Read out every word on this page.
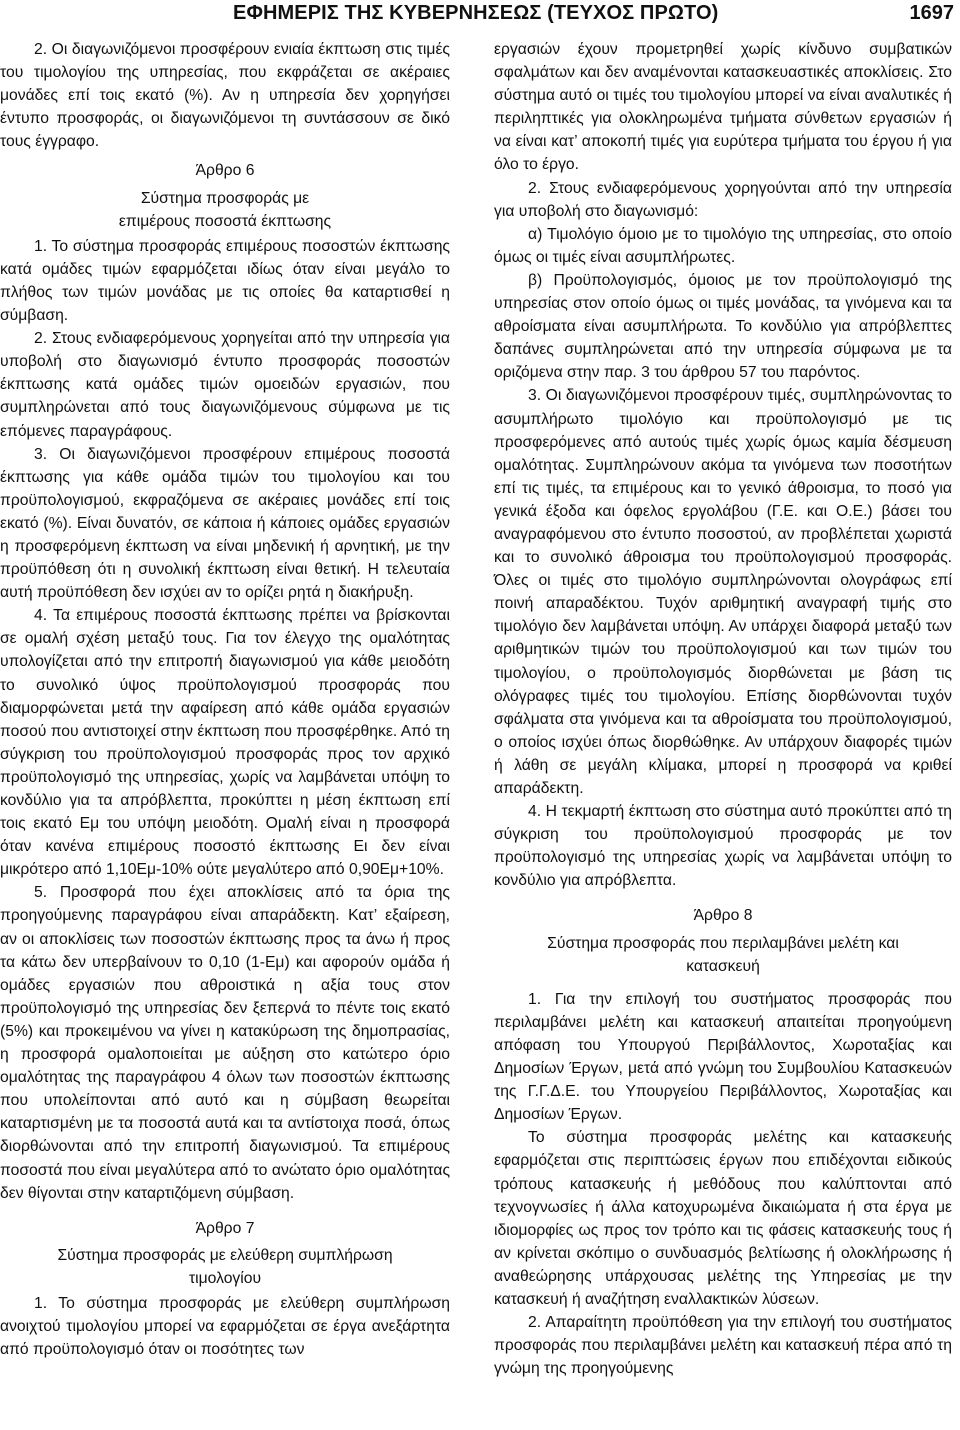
ΕΦΗΜΕΡΙΣ ΤΗΣ ΚΥΒΕΡΝΗΣΕΩΣ (ΤΕΥΧΟΣ ΠΡΩΤΟ)	1697

2. Οι διαγωνιζόμενοι προσφέρουν ενιαία έκπτωση στις τιμές του τιμολογίου της υπηρεσίας, που εκφράζεται σε ακέραιες μονάδες επί τοις εκατό (%). Αν η υπηρεσία δεν χορηγήσει έντυπο προσφοράς, οι διαγωνιζόμενοι τη συντάσσουν σε δικό τους έγγραφο.

Άρθρο 6

Σύστημα προσφοράς με επιμέρους ποσοστά έκπτωσης

1. Το σύστημα προσφοράς επιμέρους ποσοστών έκπτωσης κατά ομάδες τιμών εφαρμόζεται ιδίως όταν είναι μεγάλο το πλήθος των τιμών μονάδας με τις οποίες θα καταρτισθεί η σύμβαση.

2. Στους ενδιαφερόμενους χορηγείται από την υπηρεσία για υποβολή στο διαγωνισμό έντυπο προσφοράς ποσοστών έκπτωσης κατά ομάδες τιμών ομοειδών εργασιών, που συμπληρώνεται από τους διαγωνιζόμενους σύμφωνα με τις επόμενες παραγράφους.

3. Οι διαγωνιζόμενοι προσφέρουν επιμέρους ποσοστά έκπτωσης για κάθε ομάδα τιμών του τιμολογίου και του προϋπολογισμού, εκφραζόμενα σε ακέραιες μονάδες επί τοις εκατό (%). Είναι δυνατόν, σε κάποια ή κάποιες ομάδες εργασιών η προσφερόμενη έκπτωση να είναι μηδενική ή αρνητική, με την προϋπόθεση ότι η συνολική έκπτωση είναι θετική. Η τελευταία αυτή προϋπόθεση δεν ισχύει αν το ορίζει ρητά η διακήρυξη.

4. Τα επιμέρους ποσοστά έκπτωσης πρέπει να βρίσκονται σε ομαλή σχέση μεταξύ τους. Για τον έλεγχο της ομαλότητας υπολογίζεται από την επιτροπή διαγωνισμού για κάθε μειοδότη το συνολικό ύψος προϋπολογισμού προσφοράς που διαμορφώνεται μετά την αφαίρεση από κάθε ομάδα εργασιών ποσού που αντιστοιχεί στην έκπτωση που προσφέρθηκε. Από τη σύγκριση του προϋπολογισμού προσφοράς προς τον αρχικό προϋπολογισμό της υπηρεσίας, χωρίς να λαμβάνεται υπόψη το κονδύλιο για τα απρόβλεπτα, προκύπτει η μέση έκπτωση επί τοις εκατό Εμ του υπόψη μειοδότη. Ομαλή είναι η προσφορά όταν κανένα επιμέρους ποσοστό έκπτωσης Ει δεν είναι μικρότερο από 1,10Εμ-10% ούτε μεγαλύτερο από 0,90Εμ+10%.

5. Προσφορά που έχει αποκλίσεις από τα όρια της προηγούμενης παραγράφου είναι απαράδεκτη. Κατ’ εξαίρεση, αν οι αποκλίσεις των ποσοστών έκπτωσης προς τα άνω ή προς τα κάτω δεν υπερβαίνουν το 0,10 (1-Εμ) και αφορούν ομάδα ή ομάδες εργασιών που αθροιστικά η αξία τους στον προϋπολογισμό της υπηρεσίας δεν ξεπερνά το πέντε τοις εκατό (5%) και προκειμένου να γίνει η κατακύρωση της δημοπρασίας, η προσφορά ομαλοποιείται με αύξηση στο κατώτερο όριο ομαλότητας της παραγράφου 4 όλων των ποσοστών έκπτωσης που υπολείπονται από αυτό και η σύμβαση θεωρείται καταρτισμένη με τα ποσοστά αυτά και τα αντίστοιχα ποσά, όπως διορθώνονται από την επιτροπή διαγωνισμού. Τα επιμέρους ποσοστά που είναι μεγαλύτερα από το ανώτατο όριο ομαλότητας δεν θίγονται στην καταρτιζόμενη σύμβαση.

Άρθρο 7

Σύστημα προσφοράς με ελεύθερη συμπλήρωση τιμολογίου

1. Το σύστημα προσφοράς με ελεύθερη συμπλήρωση ανοιχτού τιμολογίου μπορεί να εφαρμόζεται σε έργα ανεξάρτητα από προϋπολογισμό όταν οι ποσότητες των

εργασιών έχουν προμετρηθεί χωρίς κίνδυνο συμβατικών σφαλμάτων και δεν αναμένονται κατασκευαστικές αποκλίσεις. Στο σύστημα αυτό οι τιμές του τιμολογίου μπορεί να είναι αναλυτικές ή περιληπτικές για ολοκληρωμένα τμήματα σύνθετων εργασιών ή να είναι κατ’ αποκοπή τιμές για ευρύτερα τμήματα του έργου ή για όλο το έργο.

2. Στους ενδιαφερόμενους χορηγούνται από την υπηρεσία για υποβολή στο διαγωνισμό:

α) Τιμολόγιο όμοιο με το τιμολόγιο της υπηρεσίας, στο οποίο όμως οι τιμές είναι ασυμπλήρωτες.

β) Προϋπολογισμός, όμοιος με τον προϋπολογισμό της υπηρεσίας στον οποίο όμως οι τιμές μονάδας, τα γινόμενα και τα αθροίσματα είναι ασυμπλήρωτα. Το κονδύλιο για απρόβλεπτες δαπάνες συμπληρώνεται από την υπηρεσία σύμφωνα με τα οριζόμενα στην παρ. 3 του άρθρου 57 του παρόντος.

3. Οι διαγωνιζόμενοι προσφέρουν τιμές, συμπληρώνοντας το ασυμπλήρωτο τιμολόγιο και προϋπολογισμό με τις προσφερόμενες από αυτούς τιμές χωρίς όμως καμία δέσμευση ομαλότητας. Συμπληρώνουν ακόμα τα γινόμενα των ποσοτήτων επί τις τιμές, τα επιμέρους και το γενικό άθροισμα, το ποσό για γενικά έξοδα και όφελος εργολάβου (Γ.Ε. και Ο.Ε.) βάσει του αναγραφόμενου στο έντυπο ποσοστού, αν προβλέπεται χωριστά και το συνολικό άθροισμα του προϋπολογισμού προσφοράς. Όλες οι τιμές στο τιμολόγιο συμπληρώνονται ολογράφως επί ποινή απαραδέκτου. Τυχόν αριθμητική αναγραφή τιμής στο τιμολόγιο δεν λαμβάνεται υπόψη. Αν υπάρχει διαφορά μεταξύ των αριθμητικών τιμών του προϋπολογισμού και των τιμών του τιμολογίου, ο προϋπολογισμός διορθώνεται με βάση τις ολόγραφες τιμές του τιμολογίου. Επίσης διορθώνονται τυχόν σφάλματα στα γινόμενα και τα αθροίσματα του προϋπολογισμού, ο οποίος ισχύει όπως διορθώθηκε. Αν υπάρχουν διαφορές τιμών ή λάθη σε μεγάλη κλίμακα, μπορεί η προσφορά να κριθεί απαράδεκτη.

4. Η τεκμαρτή έκπτωση στο σύστημα αυτό προκύπτει από τη σύγκριση του προϋπολογισμού προσφοράς με τον προϋπολογισμό της υπηρεσίας χωρίς να λαμβάνεται υπόψη το κονδύλιο για απρόβλεπτα.

Άρθρο 8

Σύστημα προσφοράς που περιλαμβάνει μελέτη και κατασκευή

1. Για την επιλογή του συστήματος προσφοράς που περιλαμβάνει μελέτη και κατασκευή απαιτείται προηγούμενη απόφαση του Υπουργού Περιβάλλοντος, Χωροταξίας και Δημοσίων Έργων, μετά από γνώμη του Συμβουλίου Κατασκευών της Γ.Γ.Δ.Ε. του Υπουργείου Περιβάλλοντος, Χωροταξίας και Δημοσίων Έργων.

Το σύστημα προσφοράς μελέτης και κατασκευής εφαρμόζεται στις περιπτώσεις έργων που επιδέχονται ειδικούς τρόπους κατασκευής ή μεθόδους που καλύπτονται από τεχνογνωσίες ή άλλα κατοχυρωμένα δικαιώματα ή στα έργα με ιδιομορφίες ως προς τον τρόπο και τις φάσεις κατασκευής τους ή αν κρίνεται σκόπιμο ο συνδυασμός βελτίωσης ή ολοκλήρωσης ή αναθεώρησης υπάρχουσας μελέτης της Υπηρεσίας με την κατασκευή ή αναζήτηση εναλλακτικών λύσεων.

2. Απαραίτητη προϋπόθεση για την επιλογή του συστήματος προσφοράς που περιλαμβάνει μελέτη και κατασκευή πέρα από τη γνώμη της προηγούμενης
